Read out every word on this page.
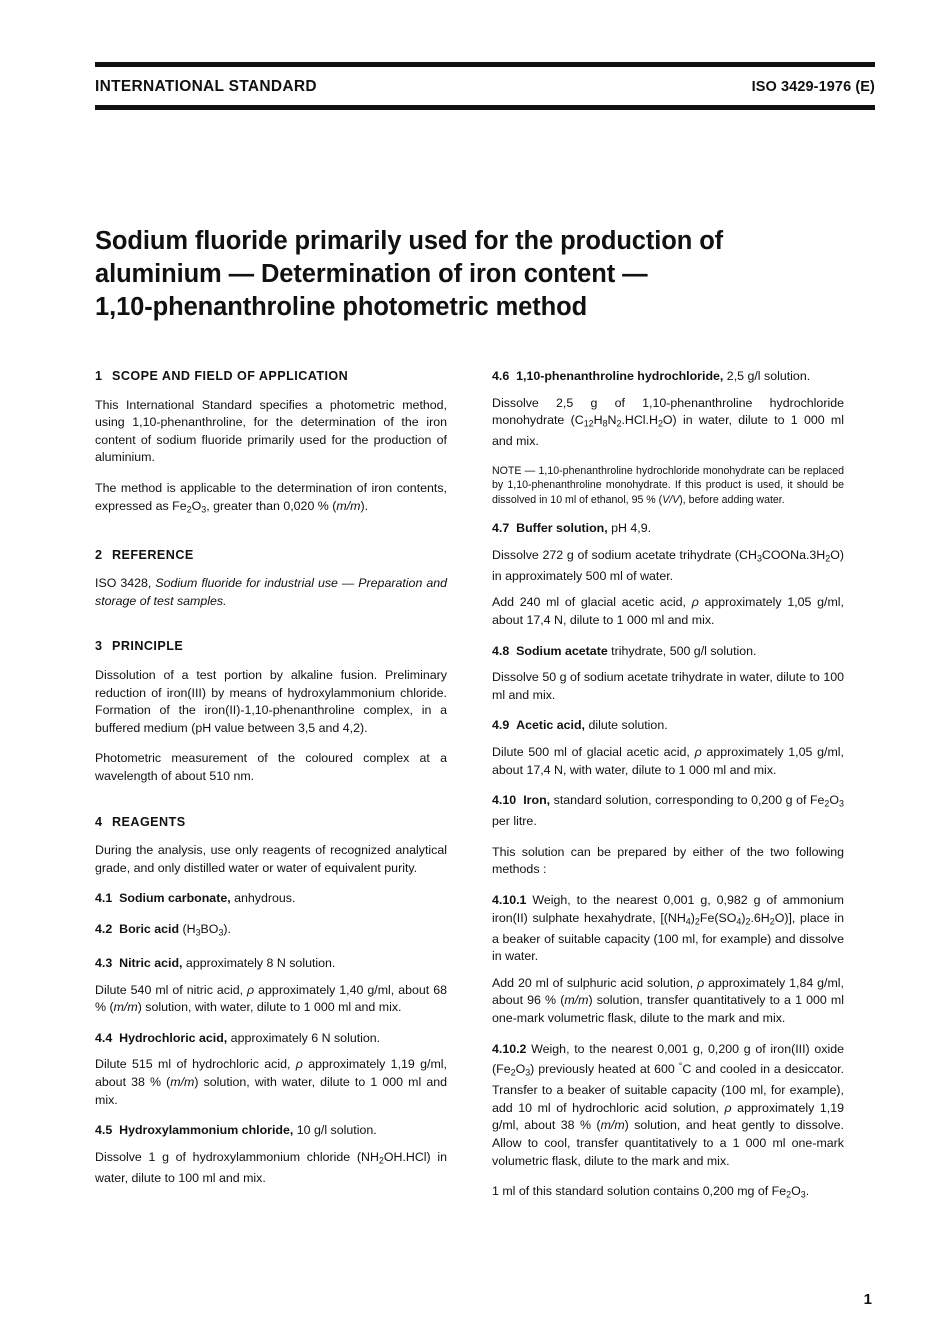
INTERNATIONAL STANDARD	ISO 3429-1976 (E)
Sodium fluoride primarily used for the production of
aluminium — Determination of iron content —
1,10-phenanthroline photometric method
1 SCOPE AND FIELD OF APPLICATION

This International Standard specifies a photometric method, using 1,10-phenanthroline, for the determination of the iron content of sodium fluoride primarily used for the production of aluminium.

The method is applicable to the determination of iron contents, expressed as $Fe_2O_3$, greater than 0,020 % (m/m).

2 REFERENCE

ISO 3428, Sodium fluoride for industrial use — Preparation and storage of test samples.

3 PRINCIPLE

Dissolution of a test portion by alkaline fusion. Preliminary reduction of iron(III) by means of hydroxylammonium chloride. Formation of the iron(II)-1,10-phenanthroline complex, in a buffered medium (pH value between 3,5 and 4,2).

Photometric measurement of the coloured complex at a wavelength of about 510 nm.

4 REAGENTS

During the analysis, use only reagents of recognized analytical grade, and only distilled water or water of equivalent purity.

4.1 Sodium carbonate, anhydrous.

4.2 Boric acid $(H_3BO_3)$.

4.3 Nitric acid, approximately 8 N solution.

Dilute 540 ml of nitric acid, ρ approximately 1,40 g/ml, about 68 % (m/m) solution, with water, dilute to 1 000 ml and mix.

4.4 Hydrochloric acid, approximately 6 N solution.

Dilute 515 ml of hydrochloric acid, ρ approximately 1,19 g/ml, about 38 % (m/m) solution, with water, dilute to 1 000 ml and mix.

4.5 Hydroxylammonium chloride, 10 g/l solution.

Dissolve 1 g of hydroxylammonium chloride $(NH_2OH.HCl)$ in water, dilute to 100 ml and mix.

4.6 1,10-phenanthroline hydrochloride, 2,5 g/l solution.

Dissolve 2,5 g of 1,10-phenanthroline hydrochloride monohydrate $(C_{12}H_8N_2.HCl.H_2O)$ in water, dilute to 1 000 ml and mix.

NOTE — 1,10-phenanthroline hydrochloride monohydrate can be replaced by 1,10-phenanthroline monohydrate. If this product is used, it should be dissolved in 10 ml of ethanol, 95 % (V/V), before adding water.

4.7 Buffer solution, pH 4,9.

Dissolve 272 g of sodium acetate trihydrate $(CH_3COONa.3H_2O)$ in approximately 500 ml of water.

Add 240 ml of glacial acetic acid, ρ approximately 1,05 g/ml, about 17,4 N, dilute to 1 000 ml and mix.

4.8 Sodium acetate trihydrate, 500 g/l solution.

Dissolve 50 g of sodium acetate trihydrate in water, dilute to 100 ml and mix.

4.9 Acetic acid, dilute solution.

Dilute 500 ml of glacial acetic acid, ρ approximately 1,05 g/ml, about 17,4 N, with water, dilute to 1 000 ml and mix.

4.10 Iron, standard solution, corresponding to 0,200 g of $Fe_2O_3$ per litre.

This solution can be prepared by either of the two following methods :

4.10.1 Weigh, to the nearest 0,001 g, 0,982 g of ammonium iron(II) sulphate hexahydrate, $[(NH_4)_2Fe(SO_4)_2.6H_2O)$], place in a beaker of suitable capacity (100 ml, for example) and dissolve in water.

Add 20 ml of sulphuric acid solution, ρ approximately 1,84 g/ml, about 96 % (m/m) solution, transfer quantitatively to a 1 000 ml one-mark volumetric flask, dilute to the mark and mix.

4.10.2 Weigh, to the nearest 0,001 g, 0,200 g of iron(III) oxide $(Fe_2O_3)$ previously heated at 600 °C and cooled in a desiccator. Transfer to a beaker of suitable capacity (100 ml, for example), add 10 ml of hydrochloric acid solution, ρ approximately 1,19 g/ml, about 38 % (m/m) solution, and heat gently to dissolve. Allow to cool, transfer quantitatively to a 1 000 ml one-mark volumetric flask, dilute to the mark and mix.

1 ml of this standard solution contains 0,200 mg of $Fe_2O_3$.

1
